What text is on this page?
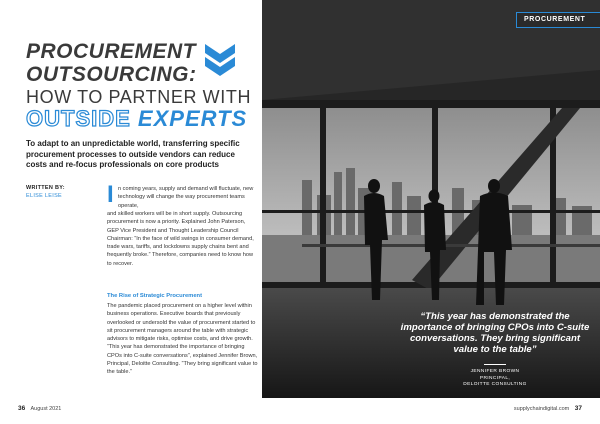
PROCUREMENT
OUTSOURCING:
HOW TO PARTNER WITH
OUTSIDE EXPERTS
To adapt to an unpredictable world, transferring specific procurement processes to outside vendors can reduce costs and re-focus professionals on core products
WRITTEN BY:
ELISE LEISE I n coming years, supply and demand will fluctuate, new technology will change the way procurement teams operate,
and skilled workers will be in short supply. Outsourcing procurement is now a priority. Explained John Paterson, GEP Vice President and Thought Leadership Council Chairman: “In the face of wild swings in consumer demand, trade wars, tariffs, and lockdowns supply chains bent and frequently broke.” Therefore, companies need to know how to recover.
The Rise of Strategic Procurement
The pandemic placed procurement on a higher level within business operations. Executive boards that previously overlooked or undersold the value of procurement started to sit procurement managers around the table with strategic advisors to mitigate risks, optimise costs, and drive growth. “This year has demonstrated the importance of bringing CPOs into C-suite conversations”, explained Jennifer Brown, Principal, Deloitte Consulting. “They bring significant value to the table.”
36 August 2021
PROCUREMENT
“This year has demonstrated the importance of bringing CPOs into C-suite conversations. They bring significant value to the table”
JENNIFER BROWN
PRINCIPAL,
DELOITTE CONSULTING
supplychaindigital.com 37
